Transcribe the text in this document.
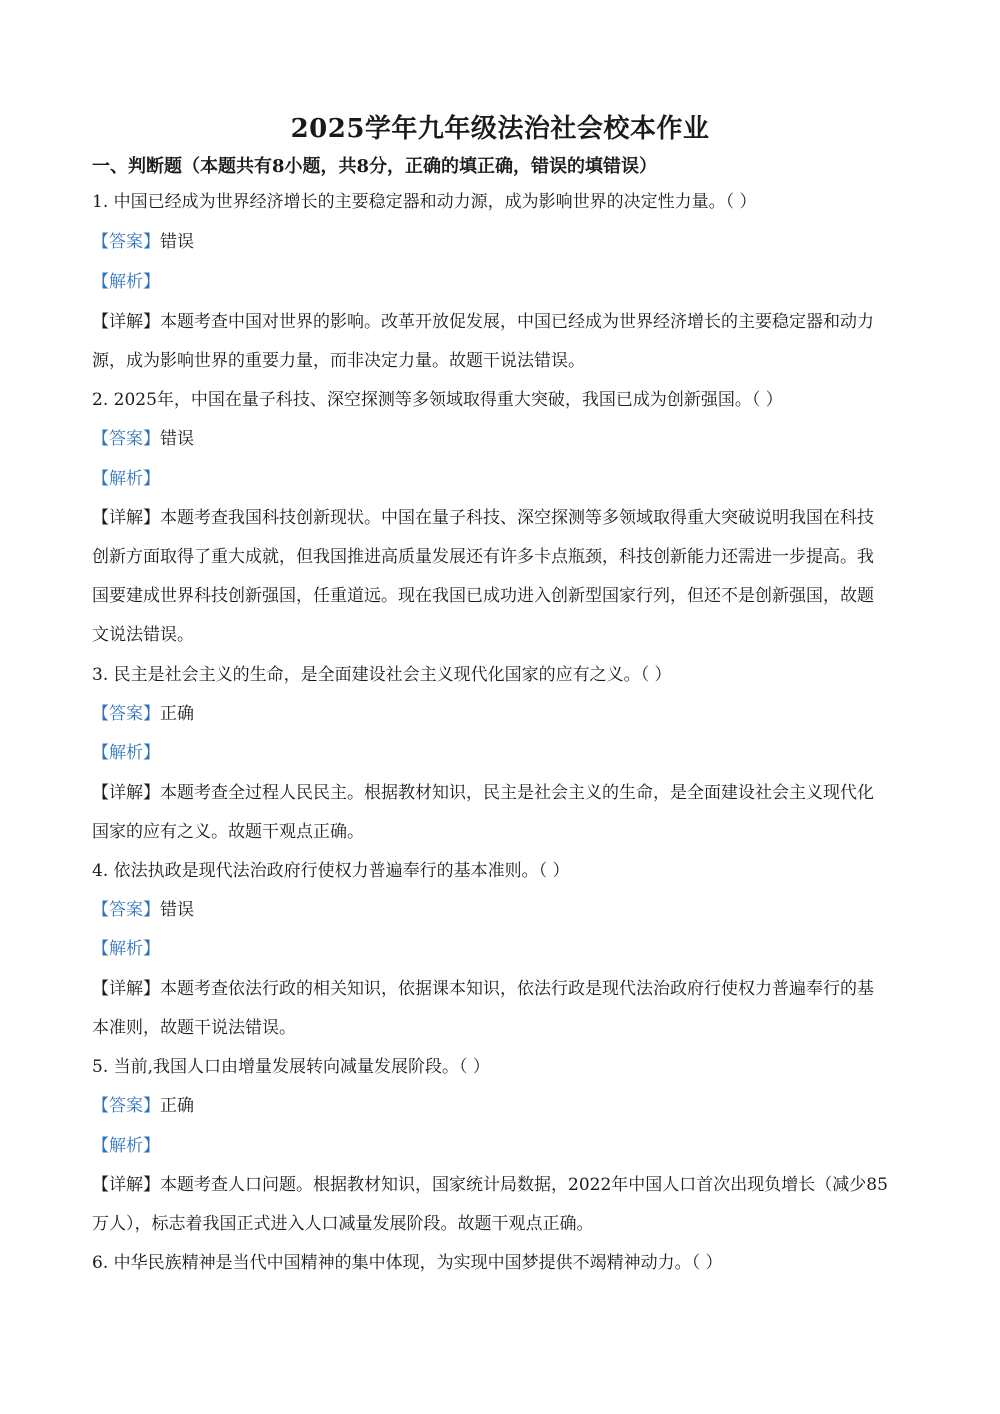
2025学年九年级法治社会校本作业
一、判断题（本题共有8小题，共8分，正确的填正确，错误的填错误）
1. 中国已经成为世界经济增长的主要稳定器和动力源，成为影响世界的决定性力量。（ ）
【答案】错误
【解析】
【详解】本题考查中国对世界的影响。改革开放促发展，中国已经成为世界经济增长的主要稳定器和动力
源，成为影响世界的重要力量，而非决定力量。故题干说法错误。
2. 2025年，中国在量子科技、深空探测等多领域取得重大突破，我国已成为创新强国。（ ）
【答案】错误
【解析】
【详解】本题考查我国科技创新现状。中国在量子科技、深空探测等多领域取得重大突破说明我国在科技
创新方面取得了重大成就，但我国推进高质量发展还有许多卡点瓶颈，科技创新能力还需进一步提高。我
国要建成世界科技创新强国，任重道远。现在我国已成功进入创新型国家行列，但还不是创新强国，故题
文说法错误。
3. 民主是社会主义的生命，是全面建设社会主义现代化国家的应有之义。（ ）
【答案】正确
【解析】
【详解】本题考查全过程人民民主。根据教材知识，民主是社会主义的生命，是全面建设社会主义现代化
国家的应有之义。故题干观点正确。
4. 依法执政是现代法治政府行使权力普遍奉行的基本准则。（ ）
【答案】错误
【解析】
【详解】本题考查依法行政的相关知识，依据课本知识，依法行政是现代法治政府行使权力普遍奉行的基
本准则，故题干说法错误。
5. 当前,我国人口由增量发展转向减量发展阶段。（ ）
【答案】正确
【解析】
【详解】本题考查人口问题。根据教材知识，国家统计局数据，2022年中国人口首次出现负增长（减少85
万人），标志着我国正式进入人口减量发展阶段。故题干观点正确。
6. 中华民族精神是当代中国精神的集中体现，为实现中国梦提供不竭精神动力。（ ）
